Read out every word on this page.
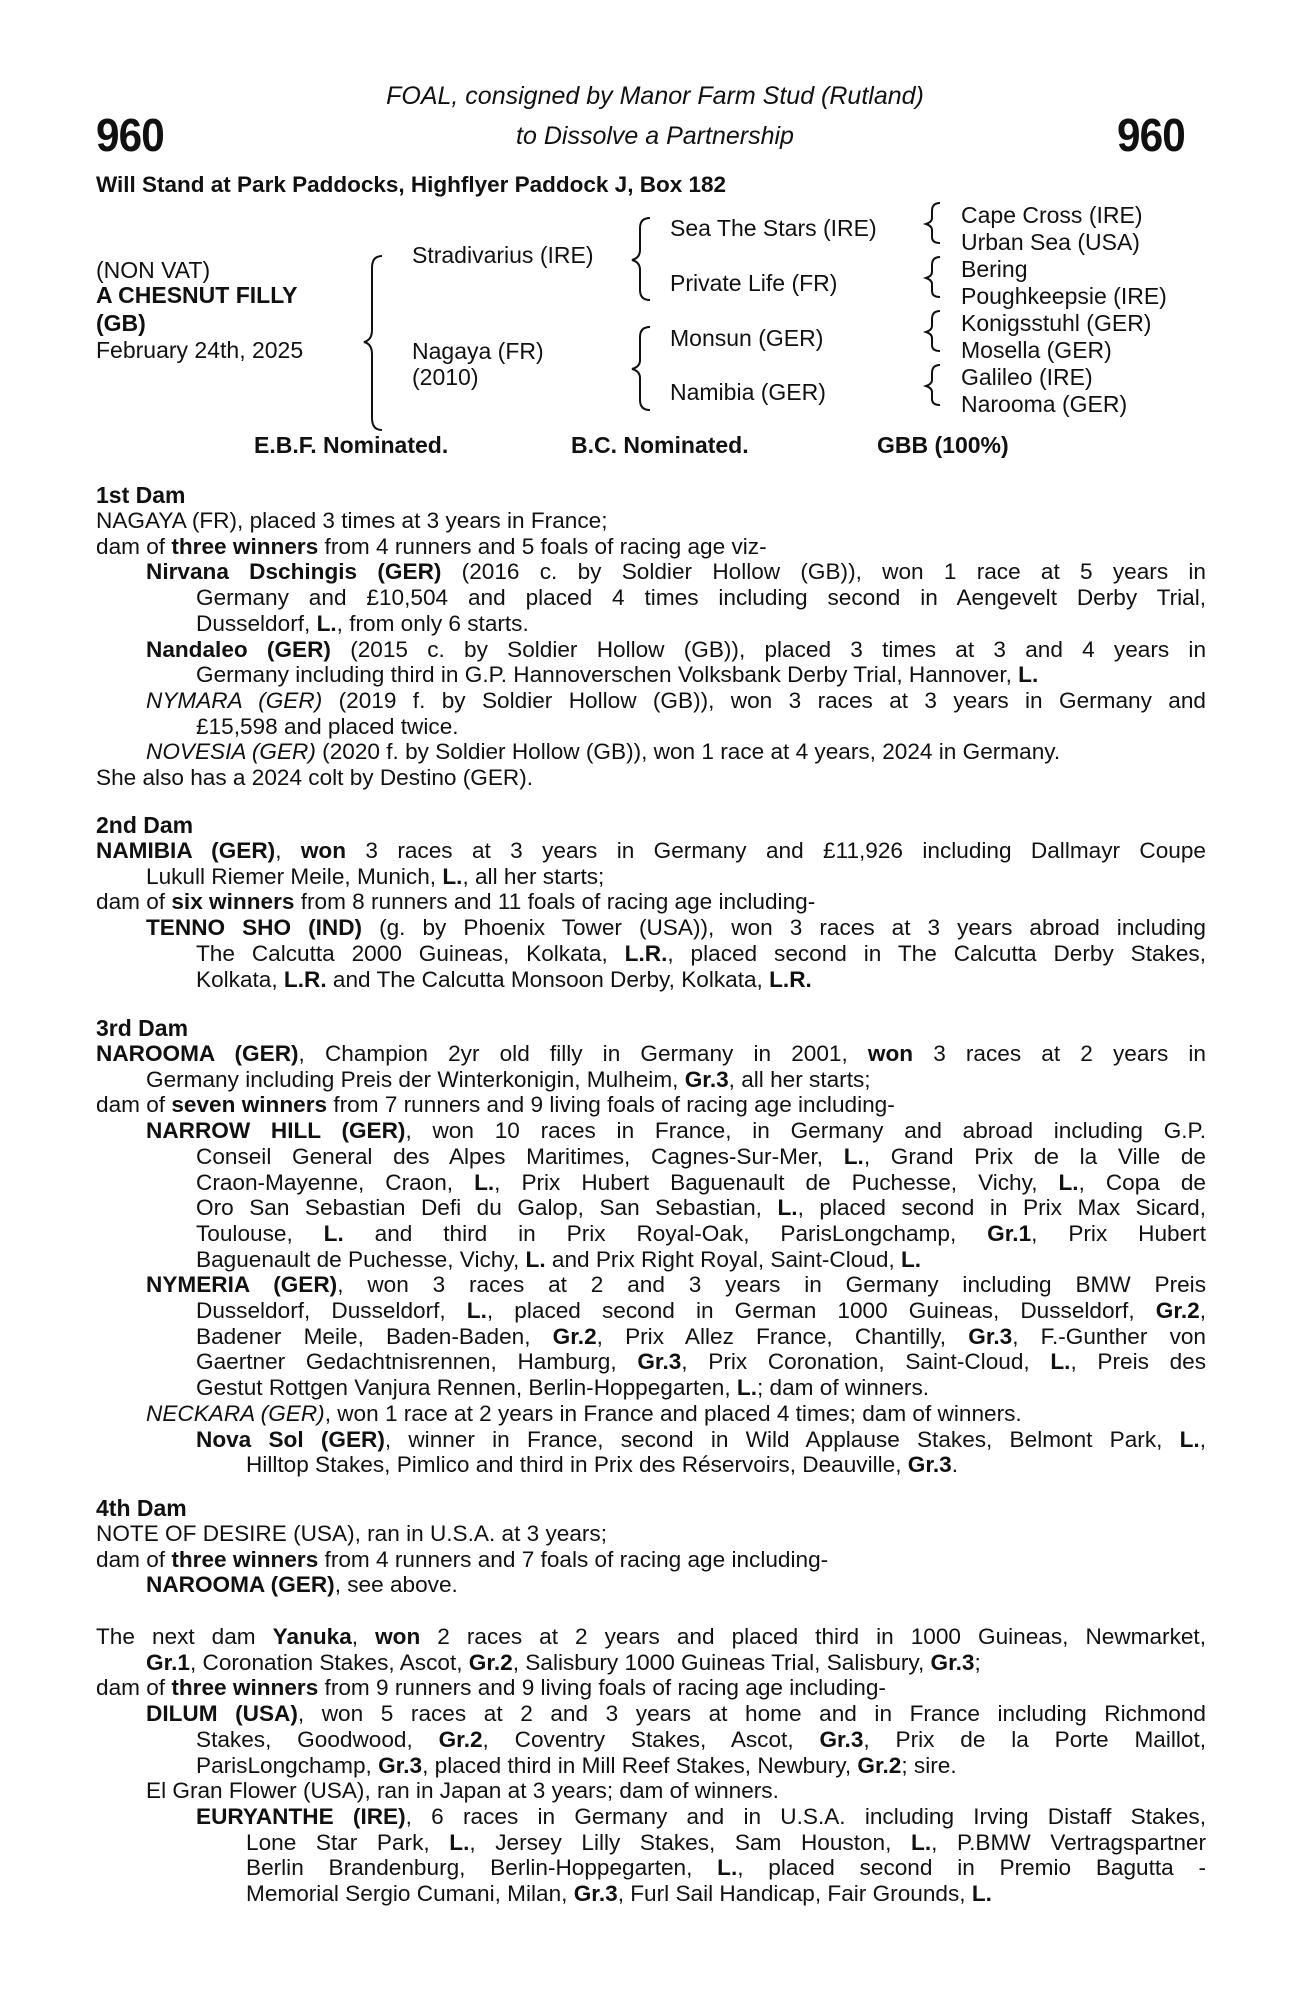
960	960
FOAL, consigned by Manor Farm Stud (Rutland)
to Dissolve a Partnership
Will Stand at Park Paddocks, Highflyer Paddock J, Box 182
(NON VAT)
A CHESNUT FILLY
(GB)
February 24th, 2025
Stradivarius (IRE)
Nagaya (FR)
(2010)
Sea The Stars (IRE)
Private Life (FR)
Monsun (GER)
Namibia (GER)
Cape Cross (IRE)
Urban Sea (USA)
Bering
Poughkeepsie (IRE)
Konigsstuhl (GER)
Mosella (GER)
Galileo (IRE)
Narooma (GER)
E.B.F. Nominated.	B.C. Nominated.	GBB (100%)
1st Dam
NAGAYA (FR), placed 3 times at 3 years in France;
dam of three winners from 4 runners and 5 foals of racing age viz-
Nirvana Dschingis (GER) (2016 c. by Soldier Hollow (GB)), won 1 race at 5 years in
Germany and £10,504 and placed 4 times including second in Aengevelt Derby Trial,
Dusseldorf, L., from only 6 starts.
Nandaleo (GER) (2015 c. by Soldier Hollow (GB)), placed 3 times at 3 and 4 years in
Germany including third in G.P. Hannoverschen Volksbank Derby Trial, Hannover, L.
NYMARA (GER) (2019 f. by Soldier Hollow (GB)), won 3 races at 3 years in Germany and
£15,598 and placed twice.
NOVESIA (GER) (2020 f. by Soldier Hollow (GB)), won 1 race at 4 years, 2024 in Germany.
She also has a 2024 colt by Destino (GER).
2nd Dam
NAMIBIA (GER), won 3 races at 3 years in Germany and £11,926 including Dallmayr Coupe
Lukull Riemer Meile, Munich, L., all her starts;
dam of six winners from 8 runners and 11 foals of racing age including-
TENNO SHO (IND) (g. by Phoenix Tower (USA)), won 3 races at 3 years abroad including
The Calcutta 2000 Guineas, Kolkata, L.R., placed second in The Calcutta Derby Stakes,
Kolkata, L.R. and The Calcutta Monsoon Derby, Kolkata, L.R.
3rd Dam
NAROOMA (GER), Champion 2yr old filly in Germany in 2001, won 3 races at 2 years in
Germany including Preis der Winterkonigin, Mulheim, Gr.3, all her starts;
dam of seven winners from 7 runners and 9 living foals of racing age including-
NARROW HILL (GER), won 10 races in France, in Germany and abroad including G.P.
Conseil General des Alpes Maritimes, Cagnes-Sur-Mer, L., Grand Prix de la Ville de
Craon-Mayenne, Craon, L., Prix Hubert Baguenault de Puchesse, Vichy, L., Copa de
Oro San Sebastian Defi du Galop, San Sebastian, L., placed second in Prix Max Sicard,
Toulouse, L. and third in Prix Royal-Oak, ParisLongchamp, Gr.1, Prix Hubert
Baguenault de Puchesse, Vichy, L. and Prix Right Royal, Saint-Cloud, L.
NYMERIA (GER), won 3 races at 2 and 3 years in Germany including BMW Preis
Dusseldorf, Dusseldorf, L., placed second in German 1000 Guineas, Dusseldorf, Gr.2,
Badener Meile, Baden-Baden, Gr.2, Prix Allez France, Chantilly, Gr.3, F.-Gunther von
Gaertner Gedachtnisrennen, Hamburg, Gr.3, Prix Coronation, Saint-Cloud, L., Preis des
Gestut Rottgen Vanjura Rennen, Berlin-Hoppegarten, L.; dam of winners.
NECKARA (GER), won 1 race at 2 years in France and placed 4 times; dam of winners.
Nova Sol (GER), winner in France, second in Wild Applause Stakes, Belmont Park, L.,
Hilltop Stakes, Pimlico and third in Prix des Réservoirs, Deauville, Gr.3.
4th Dam
NOTE OF DESIRE (USA), ran in U.S.A. at 3 years;
dam of three winners from 4 runners and 7 foals of racing age including-
NAROOMA (GER), see above.
The next dam Yanuka, won 2 races at 2 years and placed third in 1000 Guineas, Newmarket,
Gr.1, Coronation Stakes, Ascot, Gr.2, Salisbury 1000 Guineas Trial, Salisbury, Gr.3;
dam of three winners from 9 runners and 9 living foals of racing age including-
DILUM (USA), won 5 races at 2 and 3 years at home and in France including Richmond
Stakes, Goodwood, Gr.2, Coventry Stakes, Ascot, Gr.3, Prix de la Porte Maillot,
ParisLongchamp, Gr.3, placed third in Mill Reef Stakes, Newbury, Gr.2; sire.
El Gran Flower (USA), ran in Japan at 3 years; dam of winners.
EURYANTHE (IRE), 6 races in Germany and in U.S.A. including Irving Distaff Stakes,
Lone Star Park, L., Jersey Lilly Stakes, Sam Houston, L., P.BMW Vertragspartner
Berlin Brandenburg, Berlin-Hoppegarten, L., placed second in Premio Bagutta -
Memorial Sergio Cumani, Milan, Gr.3, Furl Sail Handicap, Fair Grounds, L.
